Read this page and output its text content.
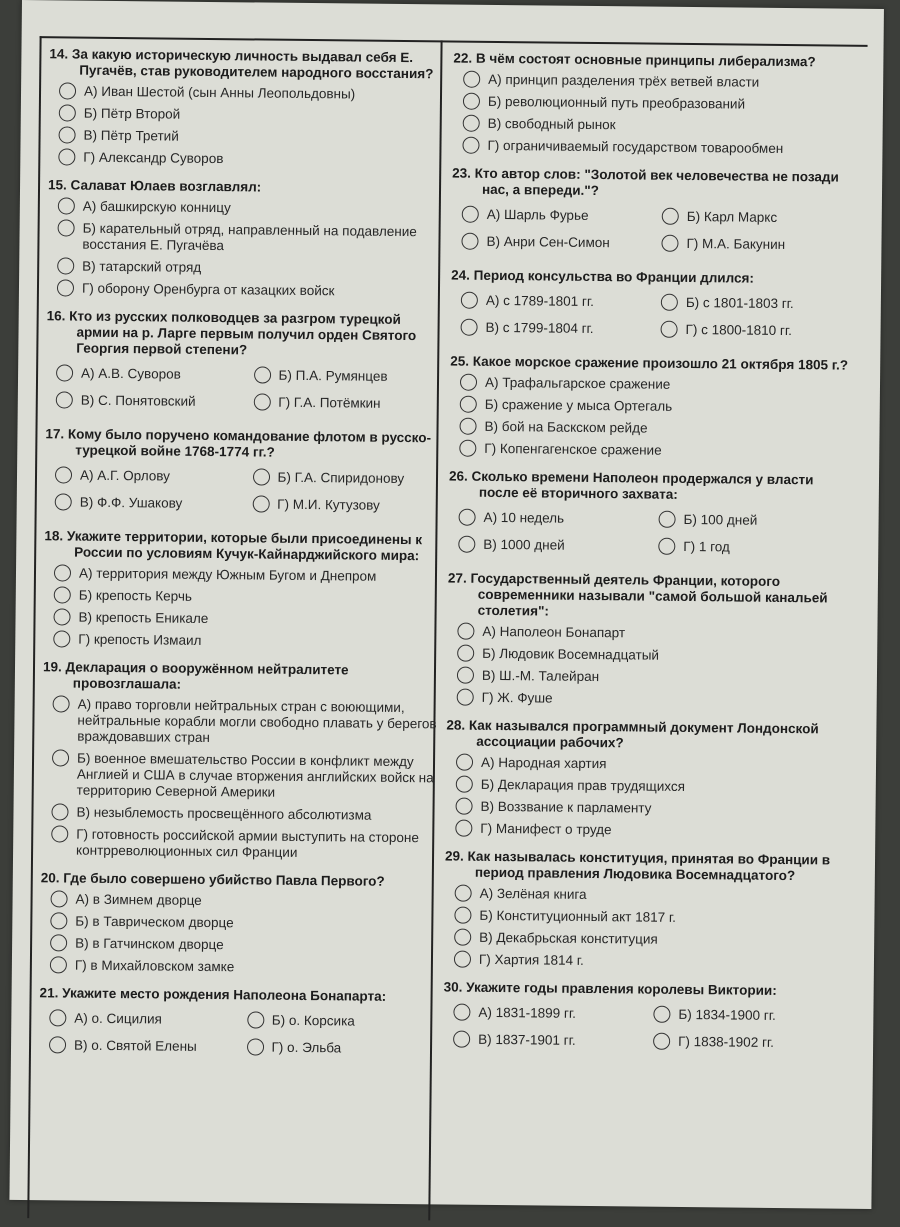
14. За какую историческую личность выдавал себя Е. Пугачёв, став руководителем народного восстания?
А) Иван Шестой (сын Анны Леопольдовны)
Б) Пётр Второй
В) Пётр Третий
Г) Александр Суворов
15. Салават Юлаев возглавлял:
А) башкирскую конницу
Б) карательный отряд, направленный на подавление восстания Е. Пугачёва
В) татарский отряд
Г) оборону Оренбурга от казацких войск
16. Кто из русских полководцев за разгром турецкой армии на р. Ларге первым получил орден Святого Георгия первой степени?
А) А.В. Суворов	Б) П.А. Румянцев
В) С. Понятовский	Г) Г.А. Потёмкин
17. Кому было поручено командование флотом в русско-турецкой войне 1768-1774 гг.?
А) А.Г. Орлову	Б) Г.А. Спиридонову
В) Ф.Ф. Ушакову	Г) М.И. Кутузову
18. Укажите территории, которые были присоединены к России по условиям Кучук-Кайнарджийского мира:
А) территория между Южным Бугом и Днепром
Б) крепость Керчь
В) крепость Еникале
Г) крепость Измаил
19. Декларация о вооружённом нейтралитете провозглашала:
А) право торговли нейтральных стран с воюющими, нейтральные корабли могли свободно плавать у берегов враждовавших стран
Б) военное вмешательство России в конфликт между Англией и США в случае вторжения английских войск на территорию Северной Америки
В) незыблемость просвещённого абсолютизма
Г) готовность российской армии выступить на стороне контрреволюционных сил Франции
20. Где было совершено убийство Павла Первого?
А) в Зимнем дворце
Б) в Таврическом дворце
В) в Гатчинском дворце
Г) в Михайловском замке
21. Укажите место рождения Наполеона Бонапарта:
А) о. Сицилия	Б) о. Корсика
В) о. Святой Елены	Г) о. Эльба
22. В чём состоят основные принципы либерализма?
А) принцип разделения трёх ветвей власти
Б) революционный путь преобразований
В) свободный рынок
Г) ограничиваемый государством товарообмен
23. Кто автор слов: "Золотой век человечества не позади нас, а впереди."?
А) Шарль Фурье	Б) Карл Маркс
В) Анри Сен-Симон	Г) М.А. Бакунин
24. Период консульства во Франции длился:
А) с 1789-1801 гг.	Б) с 1801-1803 гг.
В) с 1799-1804 гг.	Г) с 1800-1810 гг.
25. Какое морское сражение произошло 21 октября 1805 г.?
А) Трафальгарское сражение
Б) сражение у мыса Ортегаль
В) бой на Баскском рейде
Г) Копенгагенское сражение
26. Сколько времени Наполеон продержался у власти после её вторичного захвата:
А) 10 недель	Б) 100 дней
В) 1000 дней	Г) 1 год
27. Государственный деятель Франции, которого современники называли "самой большой канальей столетия":
А) Наполеон Бонапарт
Б) Людовик Восемнадцатый
В) Ш.-М. Талейран
Г) Ж. Фуше
28. Как назывался программный документ Лондонской ассоциации рабочих?
А) Народная хартия
Б) Декларация прав трудящихся
В) Воззвание к парламенту
Г) Манифест о труде
29. Как называлась конституция, принятая во Франции в период правления Людовика Восемнадцатого?
А) Зелёная книга
Б) Конституционный акт 1817 г.
В) Декабрьская конституция
Г) Хартия 1814 г.
30. Укажите годы правления королевы Виктории:
А) 1831-1899 гг.	Б) 1834-1900 гг.
В) 1837-1901 гг.	Г) 1838-1902 гг.
